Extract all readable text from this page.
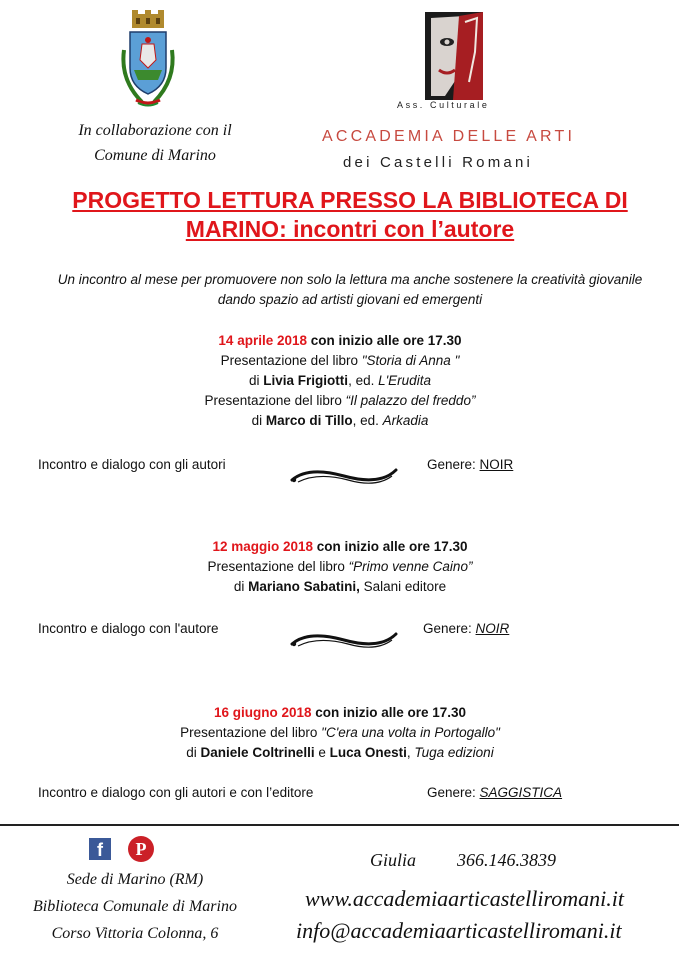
In collaborazione con il
Comune di Marino
Ass. Culturale
ACCADEMIA DELLE ARTI
dei Castelli Romani
PROGETTO LETTURA PRESSO LA BIBLIOTECA DI
MARINO: incontri con l’autore
Un incontro al mese per promuovere non solo la lettura ma anche sostenere la creatività giovanile
dando spazio ad artisti giovani ed emergenti
14 aprile 2018 con inizio alle ore 17.30
Presentazione del libro "Storia di Anna "
di Livia Frigiotti, ed. L'Erudita
Presentazione del libro “Il palazzo del freddo”
di Marco di Tillo, ed. Arkadia
Incontro e dialogo con gli autori	Genere: NOIR
12 maggio 2018 con inizio alle ore 17.30
Presentazione del libro “Primo venne Caino”
di Mariano Sabatini, Salani editore
Incontro e dialogo con l'autore	Genere: NOIR
16 giugno 2018 con inizio alle ore 17.30
Presentazione del libro "C'era una volta in Portogallo"
di Daniele Coltrinelli e Luca Onesti, Tuga edizioni
Incontro e dialogo con gli autori e con l’editore	Genere: SAGGISTICA
f	P
Sede di Marino (RM)
Biblioteca Comunale di Marino
Corso Vittoria Colonna, 6
Giulia 366.146.3839
www.accademiaarticastelliromani.it
info@accademiaarticastelliromani.it
